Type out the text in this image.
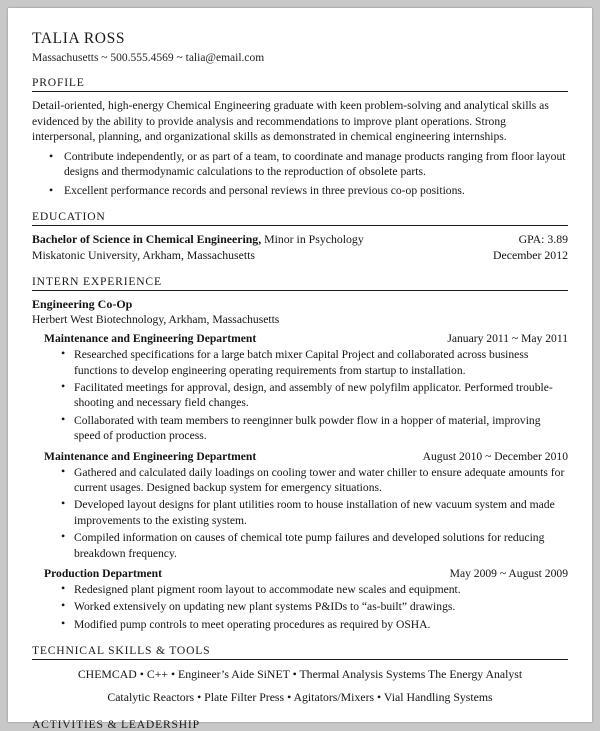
TALIA ROSS
Massachusetts ~ 500.555.4569 ~ talia@email.com
PROFILE

Detail-oriented, high-energy Chemical Engineering graduate with keen problem-solving and analytical skills as evidenced by the ability to provide analysis and recommendations to improve plant operations. Strong interpersonal, planning, and organizational skills as demonstrated in chemical engineering internships.

• Contribute independently, or as part of a team, to coordinate and manage products ranging from floor layout designs and thermodynamic calculations to the reproduction of obsolete parts.
• Excellent performance records and personal reviews in three previous co-op positions.
EDUCATION
Bachelor of Science in Chemical Engineering, Minor in Psychology	GPA: 3.89
Miskatonic University, Arkham, Massachusetts	December 2012
INTERN EXPERIENCE
Engineering Co-Op
Herbert West Biotechnology, Arkham, Massachusetts
Maintenance and Engineering Department	January 2011 ~ May 2011
• Researched specifications for a large batch mixer Capital Project and collaborated across business functions to develop engineering operating requirements from startup to installation.
• Facilitated meetings for approval, design, and assembly of new polyfilm applicator. Performed trouble-shooting and necessary field changes.
• Collaborated with team members to reenginner bulk powder flow in a hopper of material, improving speed of production process.
Maintenance and Engineering Department	August 2010 ~ December 2010
• Gathered and calculated daily loadings on cooling tower and water chiller to ensure adequate amounts for current usages. Designed backup system for emergency situations.
• Developed layout designs for plant utilities room to house installation of new vacuum system and made improvements to the existing system.
• Compiled information on causes of chemical tote pump failures and developed solutions for reducing breakdown frequency.
Production Department	May 2009 ~ August 2009
• Redesigned plant pigment room layout to accommodate new scales and equipment.
• Worked extensively on updating new plant systems P&IDs to “as-built” drawings.
• Modified pump controls to meet operating procedures as required by OSHA.
TECHNICAL SKILLS & TOOLS
CHEMCAD • C++ • Engineer’s Aide SiNET • Thermal Analysis Systems The Energy Analyst
Catalytic Reactors • Plate Filter Press • Agitators/Mixers • Vial Handling Systems
ACTIVITIES & LEADERSHIP
